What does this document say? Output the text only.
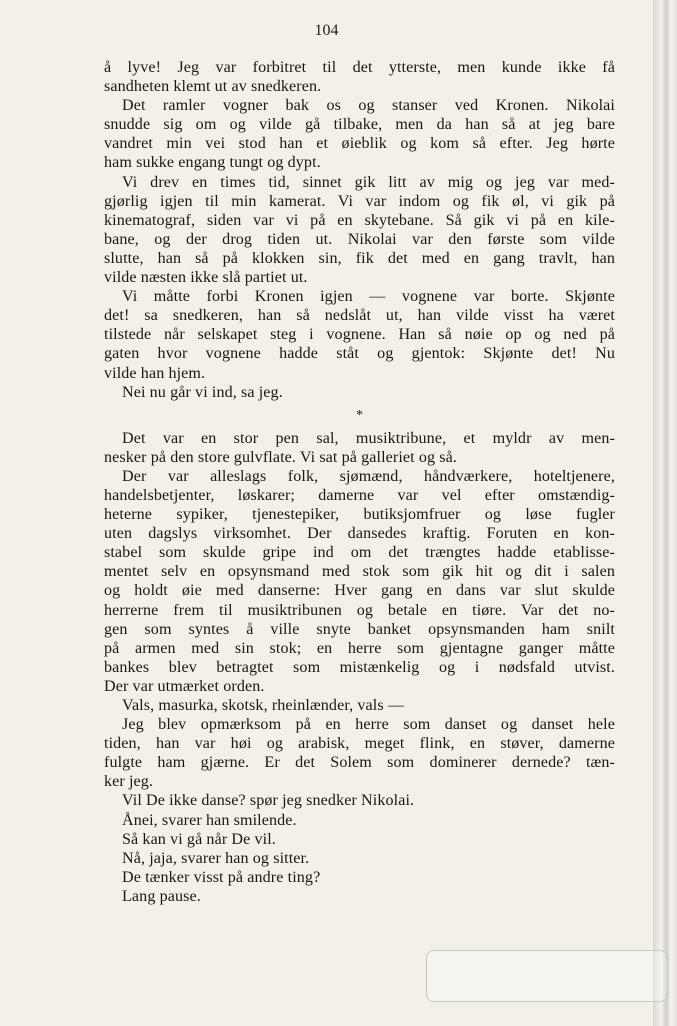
104
å lyve! Jeg var forbitret til det ytterste, men kunde ikke få
sandheten klemt ut av snedkeren.
Det ramler vogner bak os og stanser ved Kronen. Nikolai
snudde sig om og vilde gå tilbake, men da han så at jeg bare
vandret min vei stod han et øieblik og kom så efter. Jeg hørte
ham sukke engang tungt og dypt.
Vi drev en times tid, sinnet gik litt av mig og jeg var med-
gjørlig igjen til min kamerat. Vi var indom og fik øl, vi gik på
kinematograf, siden var vi på en skytebane. Så gik vi på en kile-
bane, og der drog tiden ut. Nikolai var den første som vilde
slutte, han så på klokken sin, fik det med en gang travlt, han
vilde næsten ikke slå partiet ut.
Vi måtte forbi Kronen igjen — vognene var borte. Skjønte
det! sa snedkeren, han så nedslåt ut, han vilde visst ha været
tilstede når selskapet steg i vognene. Han så nøie op og ned på
gaten hvor vognene hadde ståt og gjentok: Skjønte det! Nu
vilde han hjem.
Nei nu går vi ind, sa jeg.
*
Det var en stor pen sal, musiktribune, et myldr av men-
nesker på den store gulvflate. Vi sat på galleriet og så.
Der var alleslags folk, sjømænd, håndværkere, hoteltjenere,
handelsbetjenter, løskarer; damerne var vel efter omstændig-
heterne sypiker, tjenestepiker, butiksjomfruer og løse fugler
uten dagslys virksomhet. Der dansedes kraftig. Foruten en kon-
stabel som skulde gripe ind om det trængtes hadde etablisse-
mentet selv en opsynsmand med stok som gik hit og dit i salen
og holdt øie med danserne: Hver gang en dans var slut skulde
herrerne frem til musiktribunen og betale en tiøre. Var det no-
gen som syntes å ville snyte banket opsynsmanden ham snilt
på armen med sin stok; en herre som gjentagne ganger måtte
bankes blev betragtet som mistænkelig og i nødsfald utvist.
Der var utmærket orden.
Vals, masurka, skotsk, rheinlænder, vals —
Jeg blev opmærksom på en herre som danset og danset hele
tiden, han var høi og arabisk, meget flink, en støver, damerne
fulgte ham gjærne. Er det Solem som dominerer dernede? tæn-
ker jeg.
Vil De ikke danse? spør jeg snedker Nikolai.
Ånei, svarer han smilende.
Så kan vi gå når De vil.
Nå, jaja, svarer han og sitter.
De tænker visst på andre ting?
Lang pause.
